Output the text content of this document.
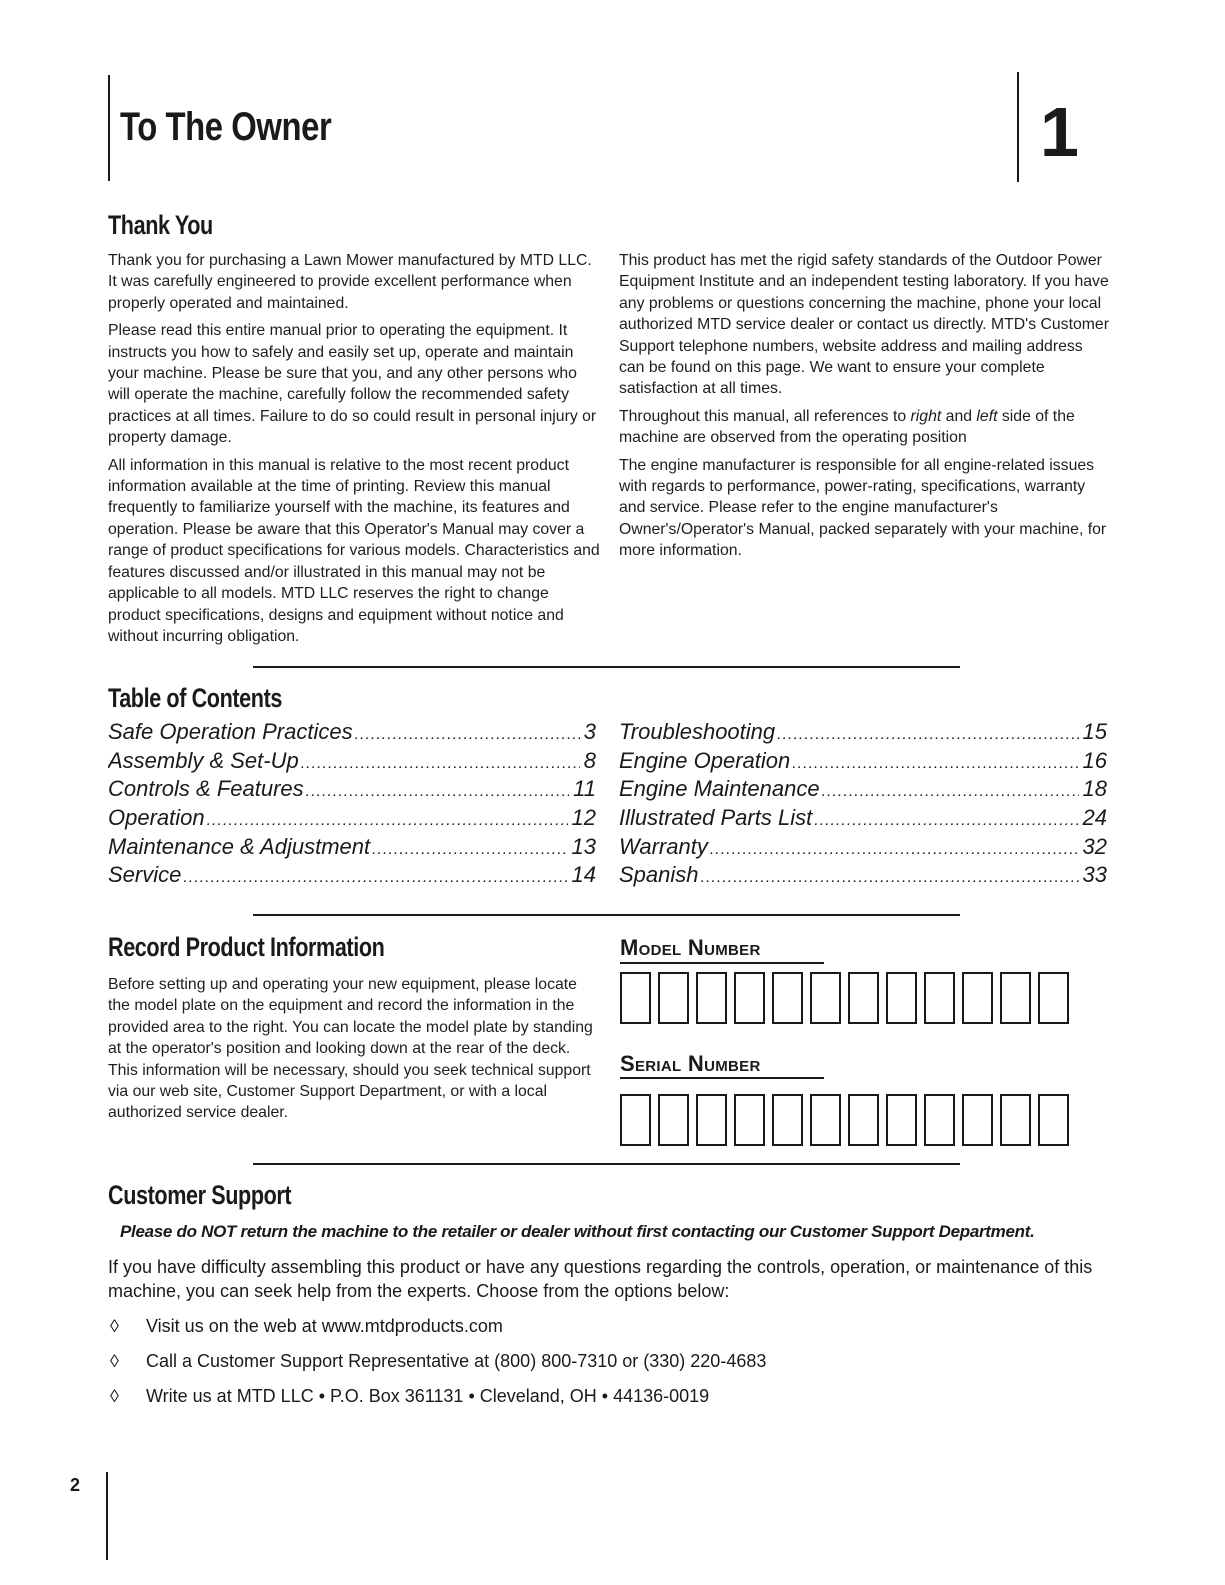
To The Owner	1
Thank You

Thank you for purchasing a Lawn Mower manufactured by MTD LLC. It was carefully engineered to provide excellent performance when properly operated and maintained.

Please read this entire manual prior to operating the equipment. It instructs you how to safely and easily set up, operate and maintain your machine. Please be sure that you, and any other persons who will operate the machine, carefully follow the recommended safety practices at all times. Failure to do so could result in personal injury or property damage.

All information in this manual is relative to the most recent product information available at the time of printing. Review this manual frequently to familiarize yourself with the machine, its features and operation. Please be aware that this Operator's Manual may cover a range of product specifications for various models. Characteristics and features discussed and/or illustrated in this manual may not be applicable to all models. MTD LLC reserves the right to change product specifications, designs and equipment without notice and without incurring obligation.

This product has met the rigid safety standards of the Outdoor Power Equipment Institute and an independent testing laboratory. If you have any problems or questions concerning the machine, phone your local authorized MTD service dealer or contact us directly. MTD's Customer Support telephone numbers, website address and mailing address can be found on this page. We want to ensure your complete satisfaction at all times.

Throughout this manual, all references to right and left side of the machine are observed from the operating position

The engine manufacturer is responsible for all engine-related issues with regards to performance, power-rating, specifications, warranty and service. Please refer to the engine manufacturer's Owner's/Operator's Manual, packed separately with your machine, for more information.

Table of Contents
Safe Operation Practices .....	3
Assembly & Set-Up .....	8
Controls & Features .....	11
Operation .....	12
Maintenance & Adjustment .....	13
Service .....	14
Troubleshooting .....	15
Engine Operation .....	16
Engine Maintenance .....	18
Illustrated Parts List .....	24
Warranty .....	32
Spanish .....	33
Record Product Information
Before setting up and operating your new equipment, please locate the model plate on the equipment and record the information in the provided area to the right. You can locate the model plate by standing at the operator's position and looking down at the rear of the deck. This information will be necessary, should you seek technical support via our web site, Customer Support Department, or with a local authorized service dealer.
Model Number
Serial Number
Customer Support
Please do NOT return the machine to the retailer or dealer without first contacting our Customer Support Department.
If you have difficulty assembling this product or have any questions regarding the controls, operation, or maintenance of this machine, you can seek help from the experts. Choose from the options below:
◊	Visit us on the web at www.mtdproducts.com
◊	Call a Customer Support Representative at (800) 800-7310 or (330) 220-4683
◊	Write us at MTD LLC • P.O. Box 361131 • Cleveland, OH • 44136-0019
2
